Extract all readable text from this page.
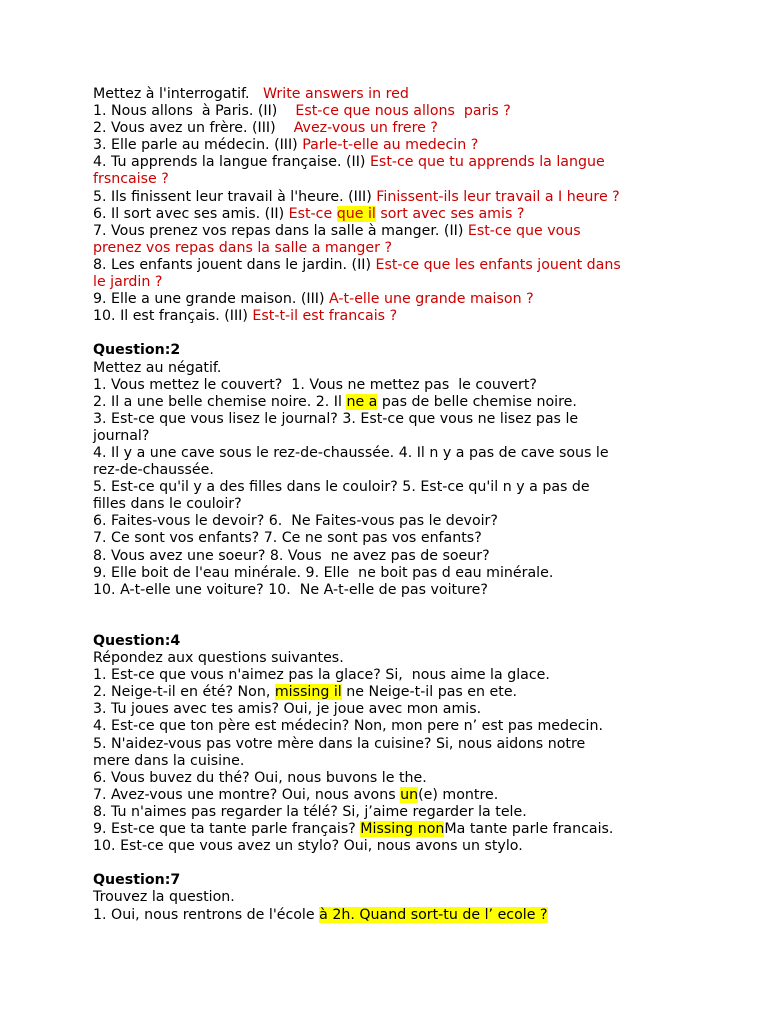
Mettez à l'interrogatif. Write answers in red
1. Nous allons  à Paris. (II)    Est-ce que nous allons  paris ?
2. Vous avez un frère. (III)    Avez-vous un frere ?
3. Elle parle au médecin. (III) Parle-t-elle au medecin ?
4. Tu apprends la langue française. (II) Est-ce que tu apprends la langue
frsncaise ?
5. Ils finissent leur travail à l'heure. (III) Finissent-ils leur travail a I heure ?
6. Il sort avec ses amis. (II) Est-ce que il sort avec ses amis ?
7. Vous prenez vos repas dans la salle à manger. (II) Est-ce que vous
prenez vos repas dans la salle a manger ?
8. Les enfants jouent dans le jardin. (II) Est-ce que les enfants jouent dans
le jardin ?
9. Elle a une grande maison. (III) A-t-elle une grande maison ?
10. Il est français. (III) Est-t-il est francais ?
Question:2
Mettez au négatif.
1. Vous mettez le couvert?  1. Vous ne mettez pas  le couvert?
2. Il a une belle chemise noire. 2. Il ne a pas de belle chemise noire.
3. Est-ce que vous lisez le journal? 3. Est-ce que vous ne lisez pas le
journal?
4. Il y a une cave sous le rez-de-chaussée. 4. Il n y a pas de cave sous le
rez-de-chaussée.
5. Est-ce qu'il y a des filles dans le couloir? 5. Est-ce qu'il n y a pas de
filles dans le couloir?
6. Faites-vous le devoir? 6.  Ne Faites-vous pas le devoir?
7. Ce sont vos enfants? 7. Ce ne sont pas vos enfants?
8. Vous avez une soeur? 8. Vous  ne avez pas de soeur?
9. Elle boit de l'eau minérale. 9. Elle  ne boit pas d eau minérale.
10. A-t-elle une voiture? 10.  Ne A-t-elle de pas voiture?
Question:4
Répondez aux questions suivantes.
1. Est-ce que vous n'aimez pas la glace? Si,  nous aime la glace.
2. Neige-t-il en été? Non, missing il ne Neige-t-il pas en ete.
3. Tu joues avec tes amis? Oui, je joue avec mon amis.
4. Est-ce que ton père est médecin? Non, mon pere n’ est pas medecin.
5. N'aidez-vous pas votre mère dans la cuisine? Si, nous aidons notre
mere dans la cuisine.
6. Vous buvez du thé? Oui, nous buvons le the.
7. Avez-vous une montre? Oui, nous avons un(e) montre.
8. Tu n'aimes pas regarder la télé? Si, j’aime regarder la tele.
9. Est-ce que ta tante parle français? Missing nonMa tante parle francais.
10. Est-ce que vous avez un stylo? Oui, nous avons un stylo.
Question:7
Trouvez la question.
1. Oui, nous rentrons de l'école à 2h. Quand sort-tu de l’ ecole ?
